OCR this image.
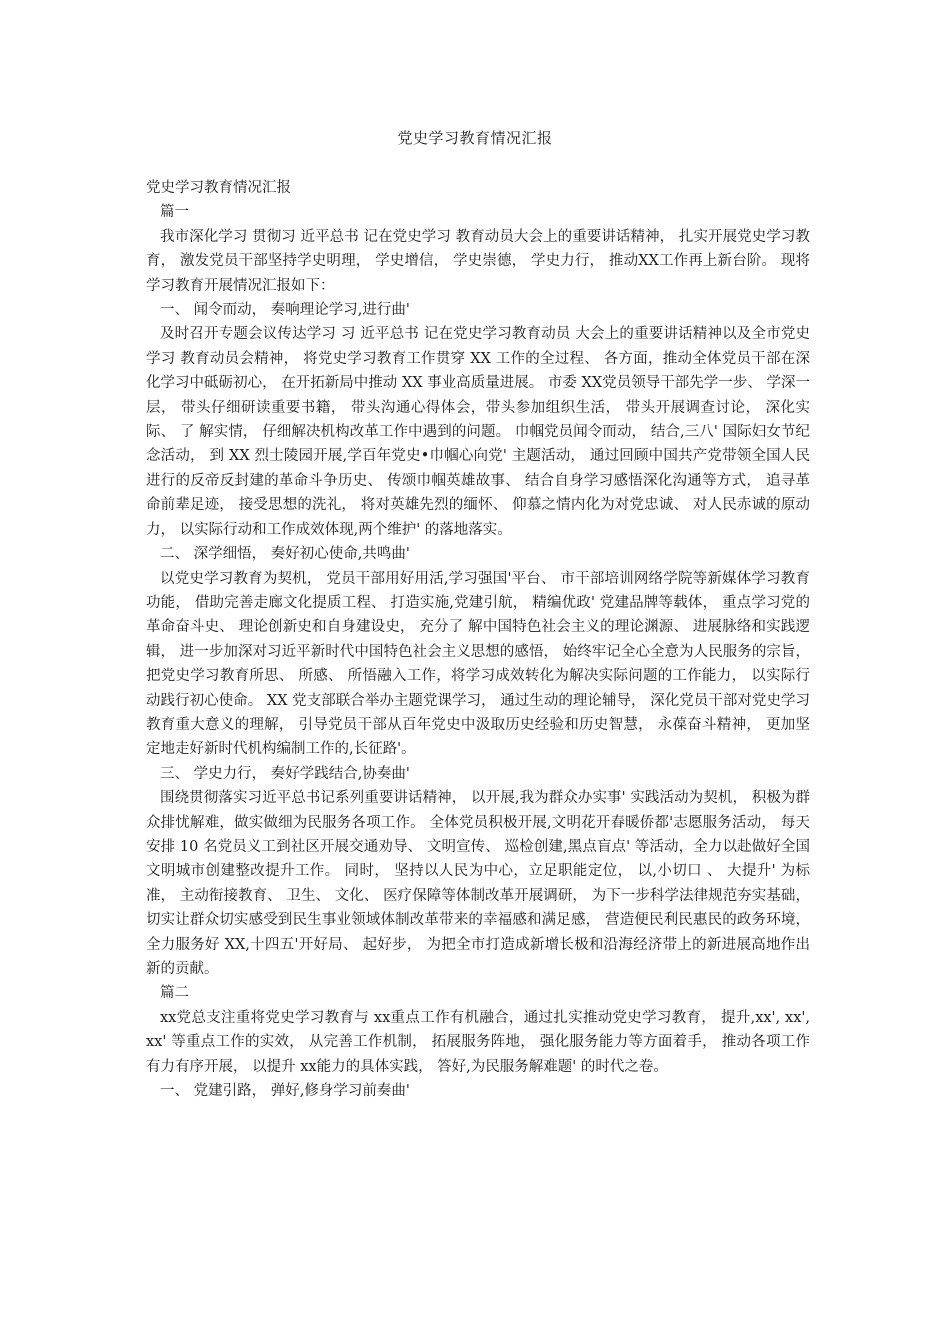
党史学习教育情况汇报

党史学习教育情况汇报

篇一

我市深化学习 贯彻习 近平总书 记在党史学习 教育动员大会上的重要讲话精神， 扎实开展党史学习教育， 激发党员干部坚持学史明理， 学史增信， 学史崇德， 学史力行， 推动XX工作再上新台阶。 现将学习教育开展情况汇报如下：

一、 闻令而动， 奏响理论学习,进行曲'

及时召开专题会议传达学习 习 近平总书 记在党史学习教育动员 大会上的重要讲话精神以及全市党史学习 教育动员会精神， 将党史学习教育工作贯穿 XX 工作的全过程、 各方面，推动全体党员干部在深化学习中砥砺初心， 在开拓新局中推动 XX 事业高质量进展。 市委 XX党员领导干部先学一步、 学深一层， 带头仔细研读重要书籍， 带头沟通心得体会，带头参加组织生活， 带头开展调查讨论， 深化实际、 了 解实情， 仔细解决机构改革工作中遇到的问题。 巾帼党员闻令而动， 结合,三八' 国际妇女节纪念活动， 到 XX 烈士陵园开展,学百年党史•巾帼心向党' 主题活动， 通过回顾中国共产党带领全国人民进行的反帝反封建的革命斗争历史、 传颂巾帼英雄故事、 结合自身学习感悟深化沟通等方式， 追寻革命前辈足迹， 接受思想的洗礼， 将对英雄先烈的缅怀、 仰慕之情内化为对党忠诚、 对人民赤诚的原动力， 以实际行动和工作成效体现,两个维护' 的落地落实。

二、 深学细悟， 奏好初心使命,共鸣曲'

以党史学习教育为契机， 党员干部用好用活,学习强国'平台、 市干部培训网络学院等新媒体学习教育功能， 借助完善走廊文化提质工程、 打造实施,党建引航， 精编优政' 党建品牌等载体， 重点学习党的革命奋斗史、 理论创新史和自身建设史， 充分了 解中国特色社会主义的理论渊源、 进展脉络和实践逻辑， 进一步加深对习近平新时代中国特色社会主义思想的感悟， 始终牢记全心全意为人民服务的宗旨， 把党史学习教育所思、 所感、 所悟融入工作，将学习成效转化为解决实际问题的工作能力， 以实际行动践行初心使命。 XX 党支部联合举办主题党课学习， 通过生动的理论辅导， 深化党员干部对党史学习教育重大意义的理解， 引导党员干部从百年党史中汲取历史经验和历史智慧， 永葆奋斗精神， 更加坚定地走好新时代机构编制工作的,长征路'。

三、 学史力行， 奏好学践结合,协奏曲'

围绕贯彻落实习近平总书记系列重要讲话精神， 以开展,我为群众办实事' 实践活动为契机， 积极为群众排忧解难，做实做细为民服务各项工作。 全体党员积极开展,文明花开春暖侨都'志愿服务活动， 每天安排 10 名党员义工到社区开展交通劝导、 文明宣传、 巡检创建,黑点盲点' 等活动，全力以赴做好全国文明城市创建整改提升工作。 同时， 坚持以人民为中心，立足职能定位， 以,小切口 、 大提升' 为标准， 主动衔接教育、 卫生、 文化、 医疗保障等体制改革开展调研， 为下一步科学法律规范夯实基础， 切实让群众切实感受到民生事业领域体制改革带来的幸福感和满足感， 营造便民利民惠民的政务环境， 全力服务好 XX,十四五'开好局、 起好步， 为把全市打造成新增长极和沿海经济带上的新进展高地作出新的贡献。

篇二

xx党总支注重将党史学习教育与 xx重点工作有机融合，通过扎实推动党史学习教育， 提升,xx', xx', xx' 等重点工作的实效， 从完善工作机制， 拓展服务阵地， 强化服务能力等方面着手， 推动各项工作有力有序开展， 以提升 xx能力的具体实践， 答好,为民服务解难题' 的时代之卷。

一、 党建引路， 弹好,修身学习前奏曲'
